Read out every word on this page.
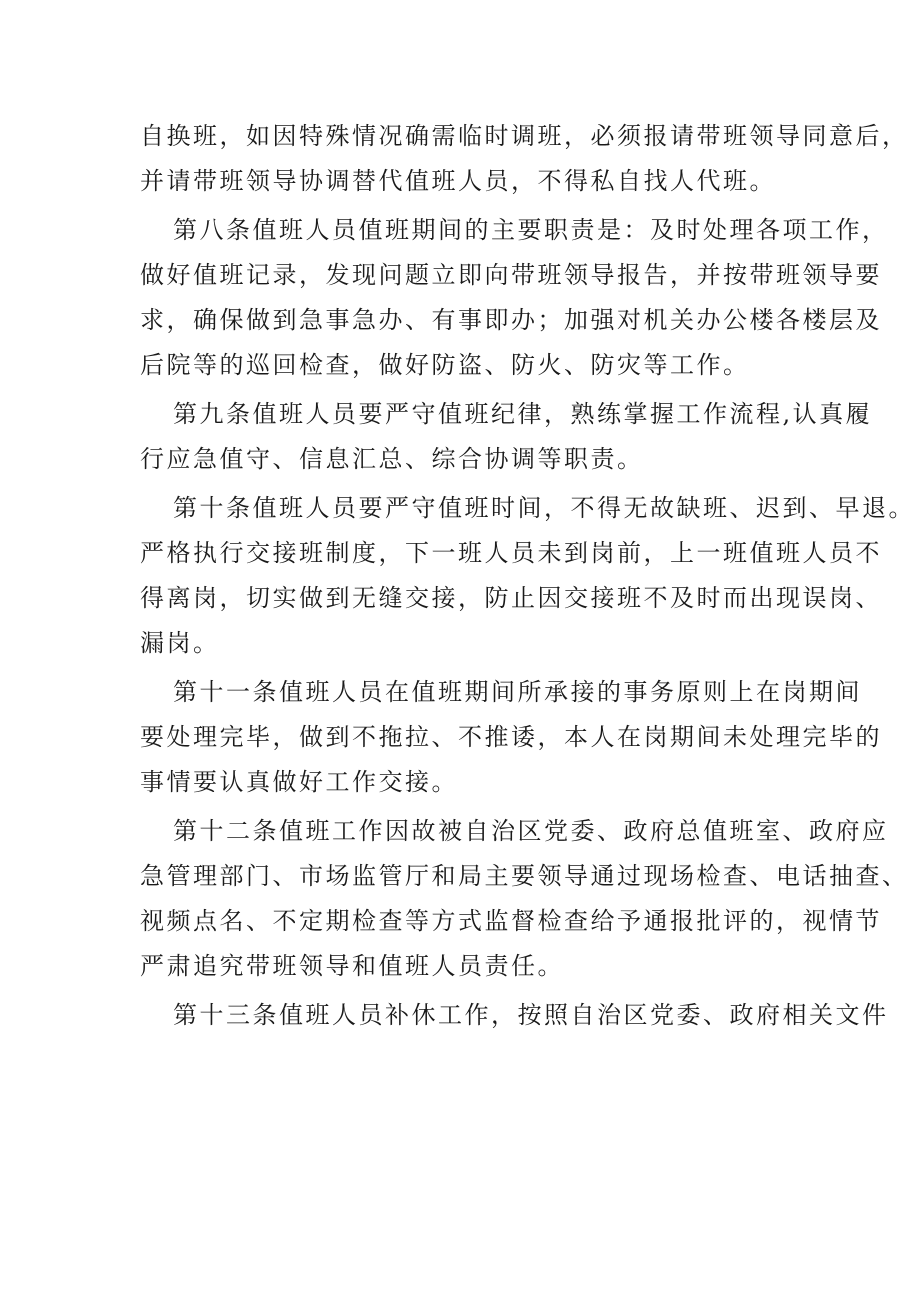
自换班，如因特殊情况确需临时调班，必须报请带班领导同意后，
并请带班领导协调替代值班人员，不得私自找人代班。
第八条值班人员值班期间的主要职责是：及时处理各项工作，
做好值班记录，发现问题立即向带班领导报告，并按带班领导要
求，确保做到急事急办、有事即办；加强对机关办公楼各楼层及
后院等的巡回检查，做好防盗、防火、防灾等工作。
第九条值班人员要严守值班纪律，熟练掌握工作流程,认真履
行应急值守、信息汇总、综合协调等职责。
第十条值班人员要严守值班时间，不得无故缺班、迟到、早退。
严格执行交接班制度，下一班人员未到岗前，上一班值班人员不
得离岗，切实做到无缝交接，防止因交接班不及时而出现误岗、
漏岗。
第十一条值班人员在值班期间所承接的事务原则上在岗期间
要处理完毕，做到不拖拉、不推诿，本人在岗期间未处理完毕的
事情要认真做好工作交接。
第十二条值班工作因故被自治区党委、政府总值班室、政府应
急管理部门、市场监管厅和局主要领导通过现场检查、电话抽查、
视频点名、不定期检查等方式监督检查给予通报批评的，视情节
严肃追究带班领导和值班人员责任。
第十三条值班人员补休工作，按照自治区党委、政府相关文件
